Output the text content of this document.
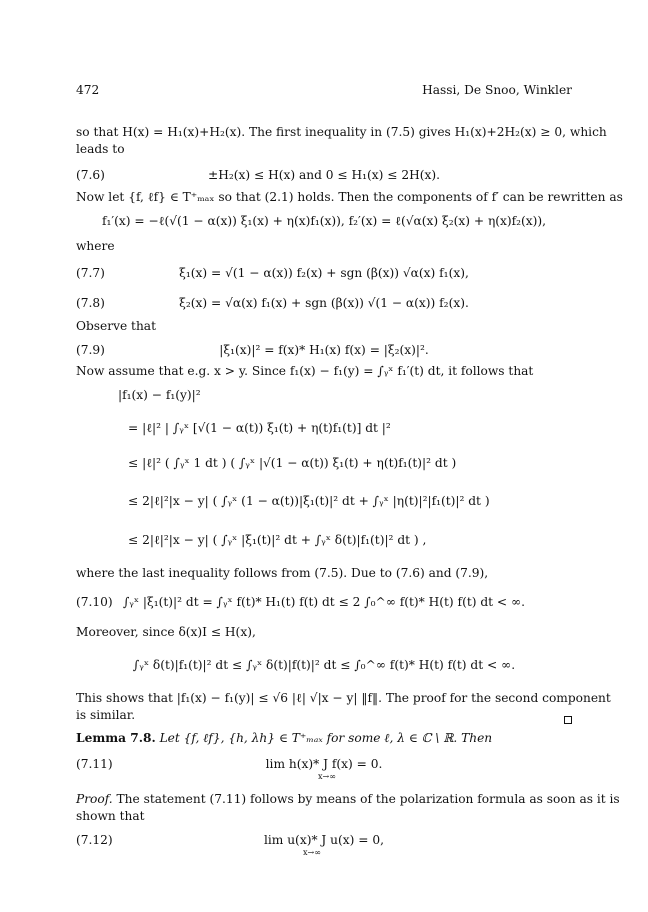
472	Hassi, De Snoo, Winkler
so that H(x) = H₁(x)+H₂(x). The first inequality in (7.5) gives H₁(x)+2H₂(x) ≥ 0, which
leads to
(7.6)	±H₂(x) ≤ H(x) and 0 ≤ H₁(x) ≤ 2H(x).
Now let {f, ℓf} ∈ T⁺ₘₐₓ so that (2.1) holds. Then the components of f′ can be rewritten as
f₁′(x) = −ℓ(√(1 − α(x)) ξ₁(x) + η(x)f₁(x)), f₂′(x) = ℓ(√α(x) ξ₂(x) + η(x)f₂(x)),
where
(7.7)	ξ₁(x) = √(1 − α(x)) f₂(x) + sgn (β(x)) √α(x) f₁(x),
(7.8)	ξ₂(x) = √α(x) f₁(x) + sgn (β(x)) √(1 − α(x)) f₂(x).
Observe that
(7.9)	|ξ₁(x)|² = f(x)* H₁(x) f(x) = |ξ₂(x)|².
Now assume that e.g. x > y. Since f₁(x) − f₁(y) = ∫ᵧˣ f₁′(t) dt, it follows that
|f₁(x) − f₁(y)|²
= |ℓ|² | ∫ᵧˣ [√(1 − α(t)) ξ₁(t) + η(t)f₁(t)] dt |²
≤ |ℓ|² ( ∫ᵧˣ 1 dt ) ( ∫ᵧˣ |√(1 − α(t)) ξ₁(t) + η(t)f₁(t)|² dt )
≤ 2|ℓ|²|x − y| ( ∫ᵧˣ (1 − α(t))|ξ₁(t)|² dt + ∫ᵧˣ |η(t)|²|f₁(t)|² dt )
≤ 2|ℓ|²|x − y| ( ∫ᵧˣ |ξ₁(t)|² dt + ∫ᵧˣ δ(t)|f₁(t)|² dt ) ,
where the last inequality follows from (7.5). Due to (7.6) and (7.9),
(7.10) ∫ᵧˣ |ξ₁(t)|² dt = ∫ᵧˣ f(t)* H₁(t) f(t) dt ≤ 2 ∫₀^∞ f(t)* H(t) f(t) dt < ∞.
Moreover, since δ(x)I ≤ H(x),
∫ᵧˣ δ(t)|f₁(t)|² dt ≤ ∫ᵧˣ δ(t)|f(t)|² dt ≤ ∫₀^∞ f(t)* H(t) f(t) dt < ∞.
This shows that |f₁(x) − f₁(y)| ≤ √6 |ℓ| √|x − y| ‖f‖. The proof for the second component
is similar.
Lemma 7.8. Let {f, ℓf}, {h, λh} ∈ T⁺ₘₐₓ for some ℓ, λ ∈ ℂ \ ℝ. Then
(7.11)	lim h(x)* J f(x) = 0.
x→∞
Proof. The statement (7.11) follows by means of the polarization formula as soon as it is
shown that
(7.12)	lim u(x)* J u(x) = 0,
x→∞
